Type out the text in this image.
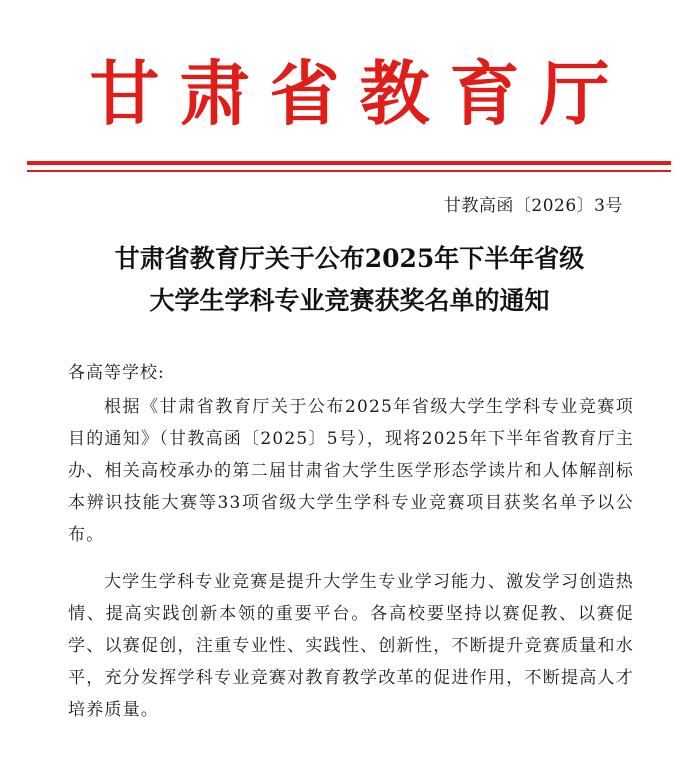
甘肃省教育厅
甘教高函〔2026〕3号
甘肃省教育厅关于公布2025年下半年省级
大学生学科专业竞赛获奖名单的通知
各高等学校:

根据《甘肃省教育厅关于公布2025年省级大学生学科专业竞赛项目的通知》（甘教高函〔2025〕5号），现将2025年下半年省教育厅主办、相关高校承办的第二届甘肃省大学生医学形态学读片和人体解剖标本辨识技能大赛等33项省级大学生学科专业竞赛项目获奖名单予以公布。

大学生学科专业竞赛是提升大学生专业学习能力、激发学习创造热情、提高实践创新本领的重要平台。各高校要坚持以赛促教、以赛促学、以赛促创，注重专业性、实践性、创新性，不断提升竞赛质量和水平，充分发挥学科专业竞赛对教育教学改革的促进作用，不断提高人才培养质量。
